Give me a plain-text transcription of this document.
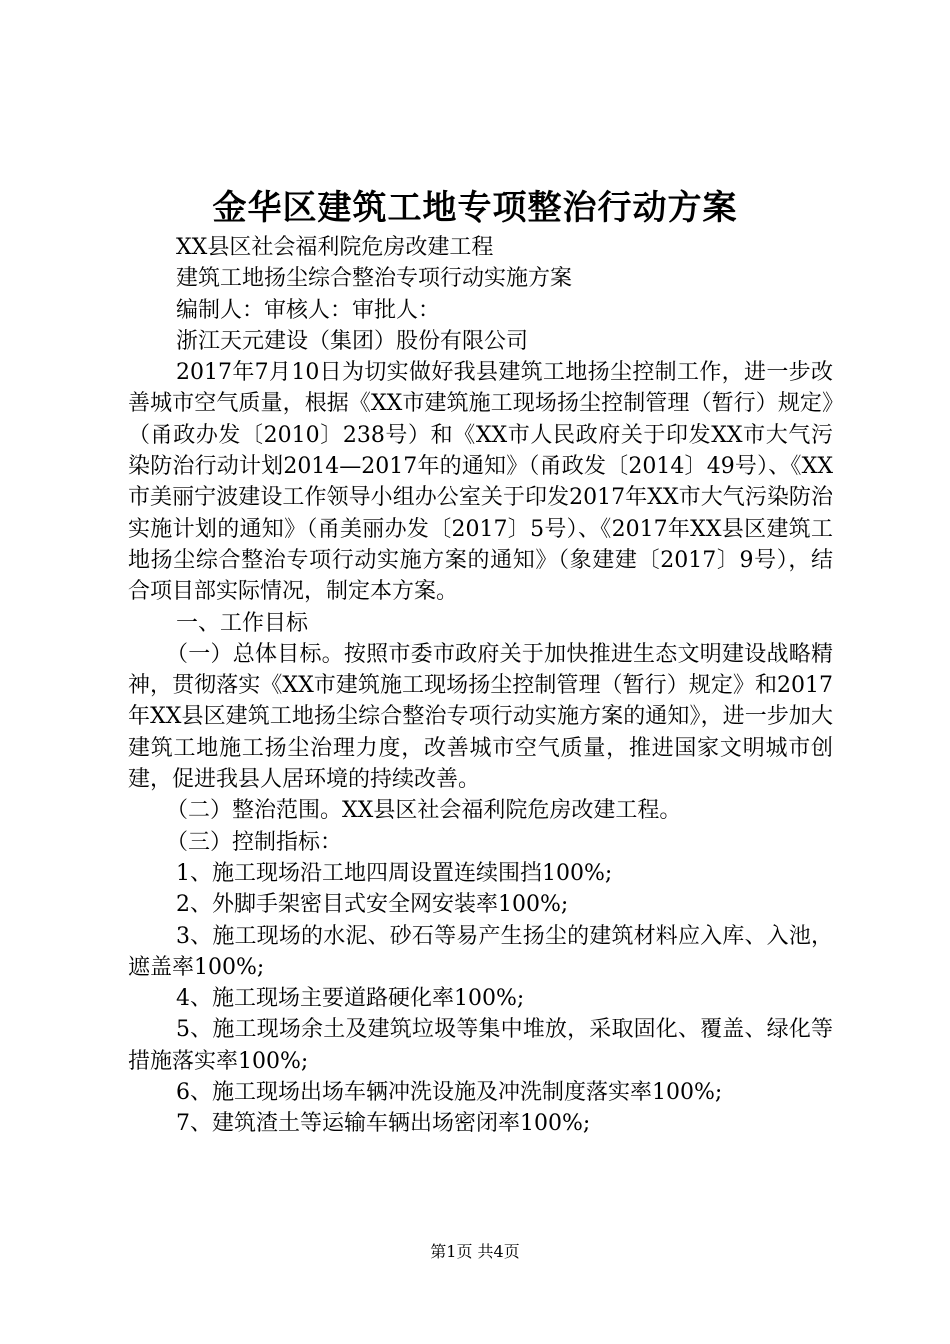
金华区建筑工地专项整治行动方案

XX县区社会福利院危房改建工程

建筑工地扬尘综合整治专项行动实施方案

编制人：审核人：审批人：

浙江天元建设（集团）股份有限公司

2017年7月10日为切实做好我县建筑工地扬尘控制工作，进一步改善城市空气质量，根据《XX市建筑施工现场扬尘控制管理（暂行）规定》（甬政办发〔2010〕238号）和《XX市人民政府关于印发XX市大气污染防治行动计划2014—2017年的通知》（甬政发〔2014〕49号）、《XX市美丽宁波建设工作领导小组办公室关于印发2017年XX市大气污染防治实施计划的通知》（甬美丽办发〔2017〕5号）、《2017年XX县区建筑工地扬尘综合整治专项行动实施方案的通知》（象建建〔2017〕9号），结合项目部实际情况，制定本方案。

一、工作目标

（一）总体目标。按照市委市政府关于加快推进生态文明建设战略精神，贯彻落实《XX市建筑施工现场扬尘控制管理（暂行）规定》和2017年XX县区建筑工地扬尘综合整治专项行动实施方案的通知》，进一步加大建筑工地施工扬尘治理力度，改善城市空气质量，推进国家文明城市创建，促进我县人居环境的持续改善。

（二）整治范围。XX县区社会福利院危房改建工程。

（三）控制指标：

1、施工现场沿工地四周设置连续围挡100%;

2、外脚手架密目式安全网安装率100%;

3、施工现场的水泥、砂石等易产生扬尘的建筑材料应入库、入池，遮盖率100%;

4、施工现场主要道路硬化率100%;

5、施工现场余土及建筑垃圾等集中堆放，采取固化、覆盖、绿化等措施落实率100%;

6、施工现场出场车辆冲洗设施及冲洗制度落实率100%;

7、建筑渣土等运输车辆出场密闭率100%;

第1页 共4页
